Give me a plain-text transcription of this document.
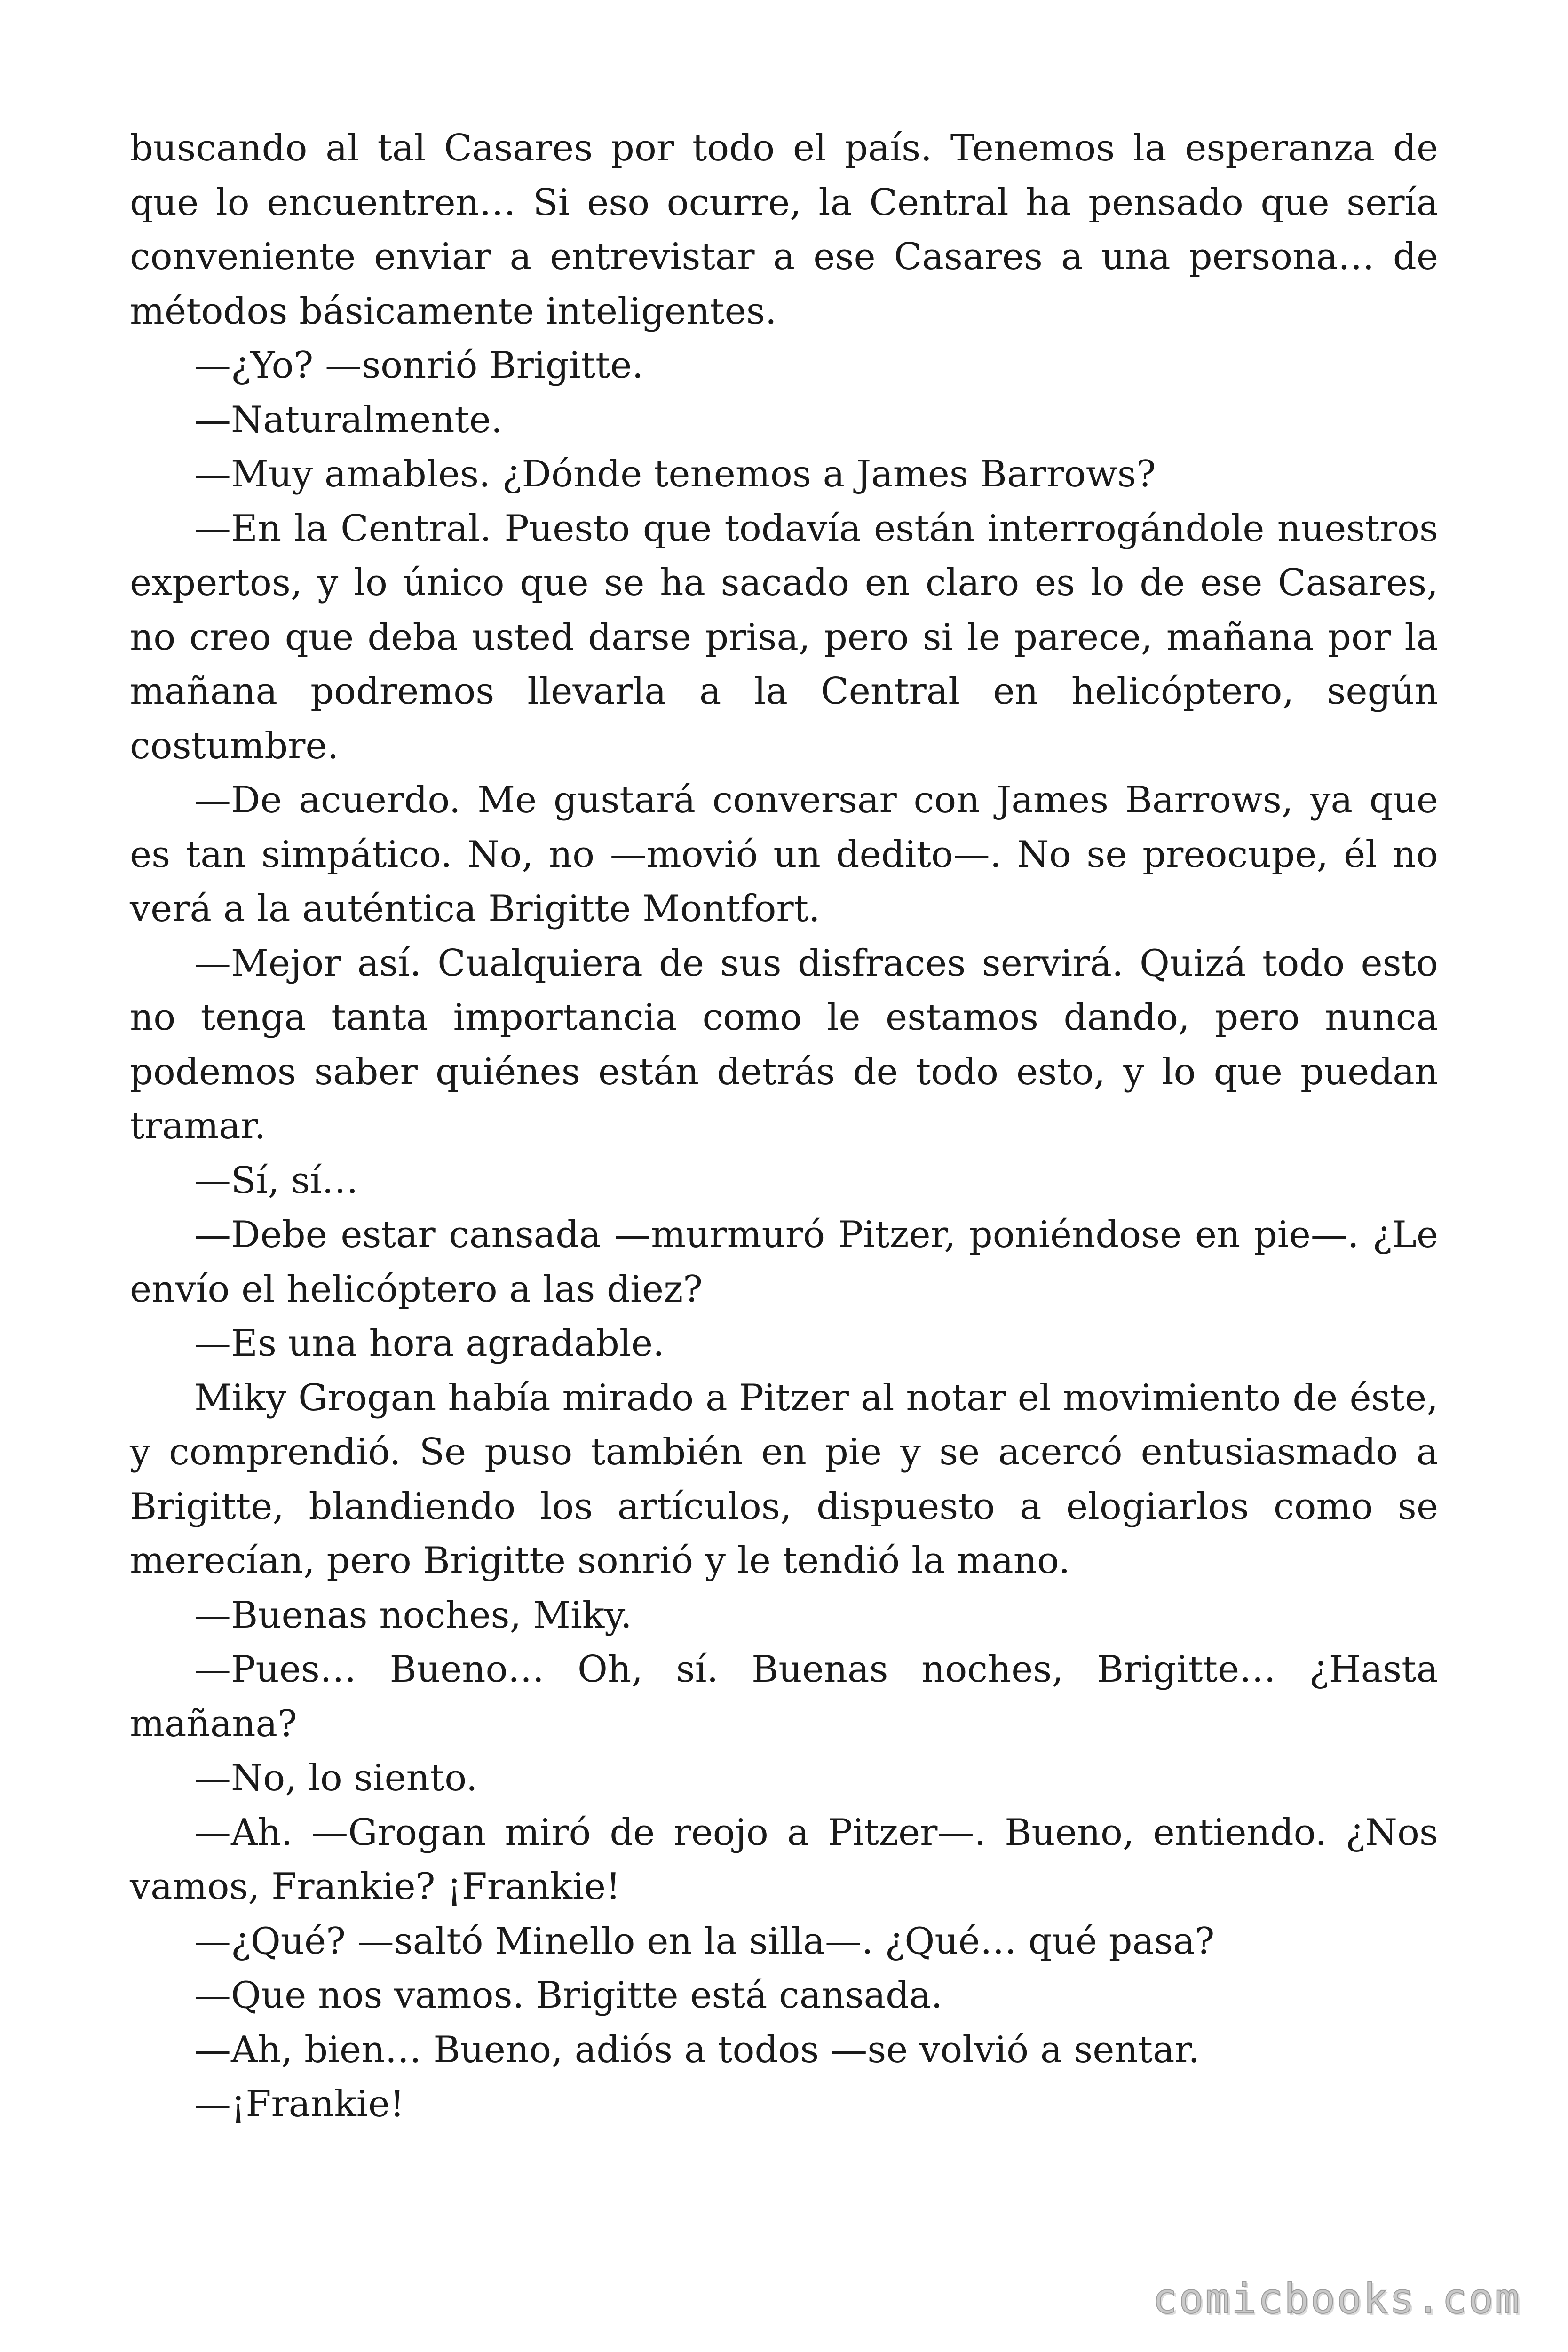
buscando al tal Casares por todo el país. Tenemos la esperanza de que lo encuentren… Si eso ocurre, la Central ha pensado que sería conveniente enviar a entrevistar a ese Casares a una persona… de métodos básicamente inteligentes.

—¿Yo? —sonrió Brigitte.

—Naturalmente.

—Muy amables. ¿Dónde tenemos a James Barrows?

—En la Central. Puesto que todavía están interrogándole nuestros expertos, y lo único que se ha sacado en claro es lo de ese Casares, no creo que deba usted darse prisa, pero si le parece, mañana por la mañana podremos llevarla a la Central en helicóptero, según costumbre.

—De acuerdo. Me gustará conversar con James Barrows, ya que es tan simpático. No, no —movió un dedito—. No se preocupe, él no verá a la auténtica Brigitte Montfort.

—Mejor así. Cualquiera de sus disfraces servirá. Quizá todo esto no tenga tanta importancia como le estamos dando, pero nunca podemos saber quiénes están detrás de todo esto, y lo que puedan tramar.

—Sí, sí…

—Debe estar cansada —murmuró Pitzer, poniéndose en pie—. ¿Le envío el helicóptero a las diez?

—Es una hora agradable.

Miky Grogan había mirado a Pitzer al notar el movimiento de éste, y comprendió. Se puso también en pie y se acercó entusiasmado a Brigitte, blandiendo los artículos, dispuesto a elogiarlos como se merecían, pero Brigitte sonrió y le tendió la mano.

—Buenas noches, Miky.

—Pues… Bueno… Oh, sí. Buenas noches, Brigitte… ¿Hasta mañana?

—No, lo siento.

—Ah. —Grogan miró de reojo a Pitzer—. Bueno, entiendo. ¿Nos vamos, Frankie? ¡Frankie!

—¿Qué? —saltó Minello en la silla—. ¿Qué… qué pasa?

—Que nos vamos. Brigitte está cansada.

—Ah, bien… Bueno, adiós a todos —se volvió a sentar.

—¡Frankie!

comicbooks.com
